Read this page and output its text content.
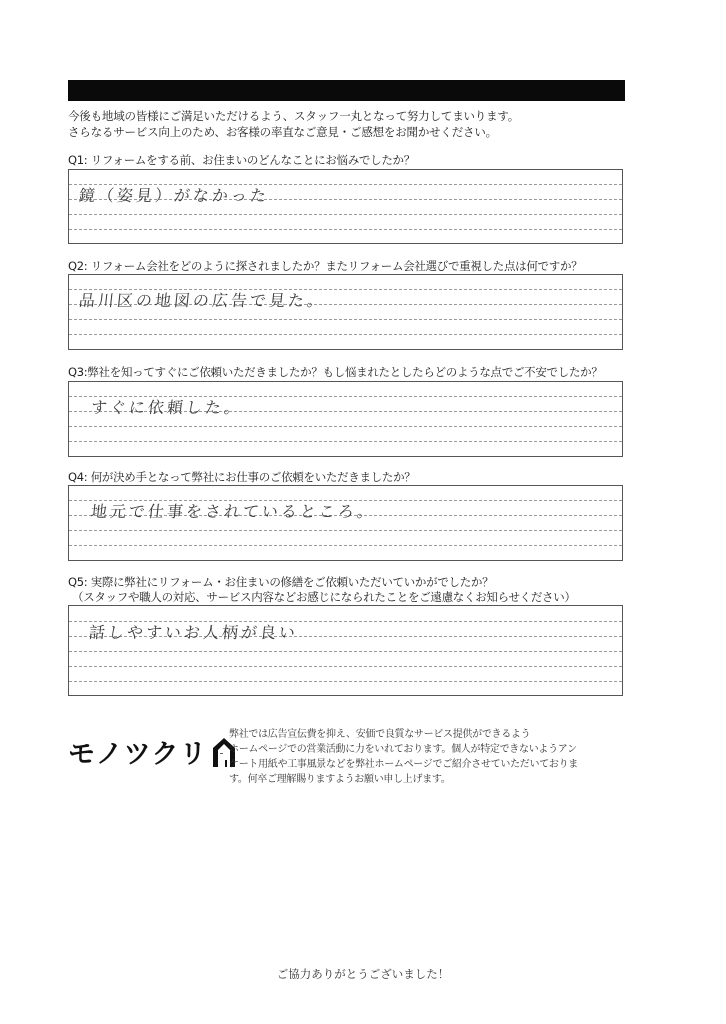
今後も地域の皆様にご満足いただけるよう、スタッフ一丸となって努力してまいります。
さらなるサービス向上のため、お客様の率直なご意見・ご感想をお聞かせください。
Q1: リフォームをする前、お住まいのどんなことにお悩みでしたか？
鏡（姿見）がなかった
Q2: リフォーム会社をどのように探されましたか？またリフォーム会社選びで重視した点は何ですか？
品川区の地図の広告で見た。
Q3:弊社を知ってすぐにご依頼いただきましたか？もし悩まれたとしたらどのような点でご不安でしたか？
すぐに依頼した。
Q4: 何が決め手となって弊社にお仕事のご依頼をいただきましたか？
地元で仕事をされているところ。
Q5: 実際に弊社にリフォーム・お住まいの修繕をご依頼いただいていかがでしたか？
（スタッフや職人の対応、サービス内容などお感じになられたことをご遠慮なくお知らせください）
話しやすいお人柄が良い
モノツクリ
弊社では広告宣伝費を抑え、安価で良質なサービス提供ができるよう
ホームページでの営業活動に力をいれております。個人が特定できないようアン
ケート用紙や工事風景などを弊社ホームページでご紹介させていただいておりま
す。何卒ご理解賜りますようお願い申し上げます。
ご協力ありがとうございました！
